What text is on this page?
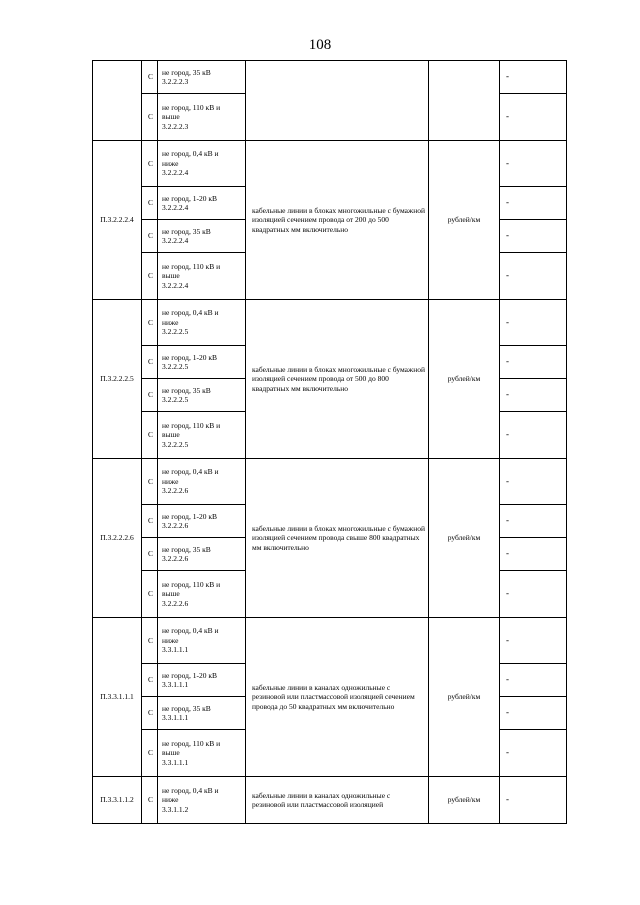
108
	С	не город, 35 кВ
3.2.2.2.3			-
	С	не город, 110 кВ и
выше
3.2.2.2.3			-
П.3.2.2.2.4	С	не город, 0,4 кВ и
ниже
3.2.2.2.4	кабельные линии в блоках многожильные с бумажной изоляцией сечением провода от 200 до 500 квадратных мм включительно	рублей/км	-
	С	не город, 1-20 кВ
3.2.2.2.4			-
	С	не город, 35 кВ
3.2.2.2.4			-
	С	не город, 110 кВ и
выше
3.2.2.2.4			-
П.3.2.2.2.5	С	не город, 0,4 кВ и
ниже
3.2.2.2.5	кабельные линии в блоках многожильные с бумажной изоляцией сечением провода от 500 до 800 квадратных мм включительно	рублей/км	-
	С	не город, 1-20 кВ
3.2.2.2.5			-
	С	не город, 35 кВ
3.2.2.2.5			-
	С	не город, 110 кВ и
выше
3.2.2.2.5			-
П.3.2.2.2.6	С	не город, 0,4 кВ и
ниже
3.2.2.2.6	кабельные линии в блоках многожильные с бумажной изоляцией сечением провода свыше 800 квадратных мм включительно	рублей/км	-
	С	не город, 1-20 кВ
3.2.2.2.6			-
	С	не город, 35 кВ
3.2.2.2.6			-
	С	не город, 110 кВ и
выше
3.2.2.2.6			-
П.3.3.1.1.1	С	не город, 0,4 кВ и
ниже
3.3.1.1.1	кабельные линии в каналах одножильные с резиновой или пластмассовой изоляцией сечением провода до 50 квадратных мм включительно	рублей/км	-
	С	не город, 1-20 кВ
3.3.1.1.1			-
	С	не город, 35 кВ
3.3.1.1.1			-
	С	не город, 110 кВ и
выше
3.3.1.1.1			-
П.3.3.1.1.2	С	не город, 0,4 кВ и
ниже
3.3.1.1.2	кабельные линии в каналах одножильные с резиновой или пластмассовой изоляцией	рублей/км	-
